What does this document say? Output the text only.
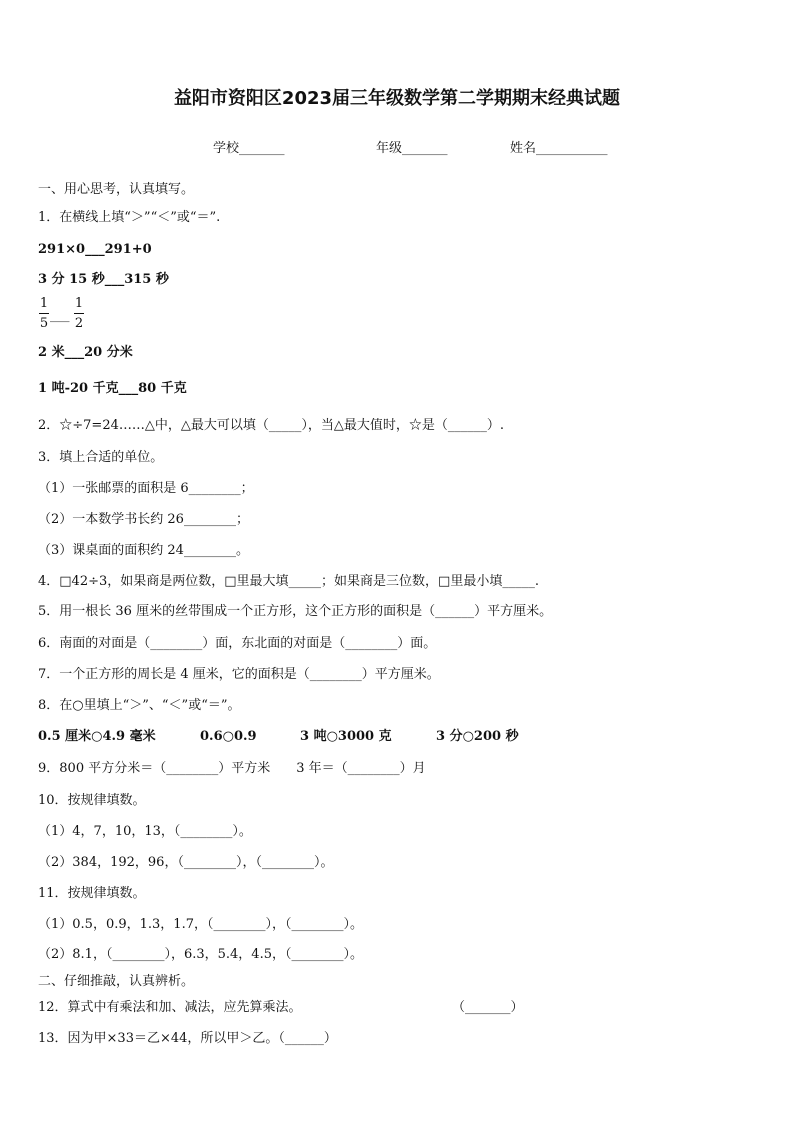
益阳市资阳区2023届三年级数学第二学期期末经典试题
学校_______	年级_______	姓名___________
一、用心思考，认真填写。
1．在横线上填“＞”“＜”或“＝”.
291×0___291+0
3 分 15 秒___315 秒
2 米___20 分米
1 吨-20 千克___80 千克
2．☆÷7=24……△中，△最大可以填（_____），当△最大值时，☆是（______）.
3．填上合适的单位。
（1）一张邮票的面积是 6________；
（2）一本数学书长约 26________；
（3）课桌面的面积约 24________。
4．□42÷3，如果商是两位数，□里最大填_____；如果商是三位数，□里最小填_____.
5．用一根长 36 厘米的丝带围成一个正方形，这个正方形的面积是（______）平方厘米。
6．南面的对面是（________）面，东北面的对面是（________）面。
7．一个正方形的周长是 4 厘米，它的面积是（________）平方厘米。
8．在○里填上“＞”、“＜”或“＝”。
9．800 平方分米＝（________）平方米　　3 年＝（________）月
10．按规律填数。
（1）4，7，10，13，（________）。
（2）384，192，96，（________），（________）。
11．按规律填数。
（1）0.5，0.9，1.3，1.7，（________），（________）。
（2）8.1，（________），6.3，5.4，4.5，（________）。
二、仔细推敲，认真辨析。
12．算式中有乘法和加、减法，应先算乘法。	（_______）
13．因为甲×33＝乙×44，所以甲＞乙。（______）
1
5
___
1
2
0.5 厘米○4.9 毫米	0.6○0.9	3 吨○3000 克	3 分○200 秒
